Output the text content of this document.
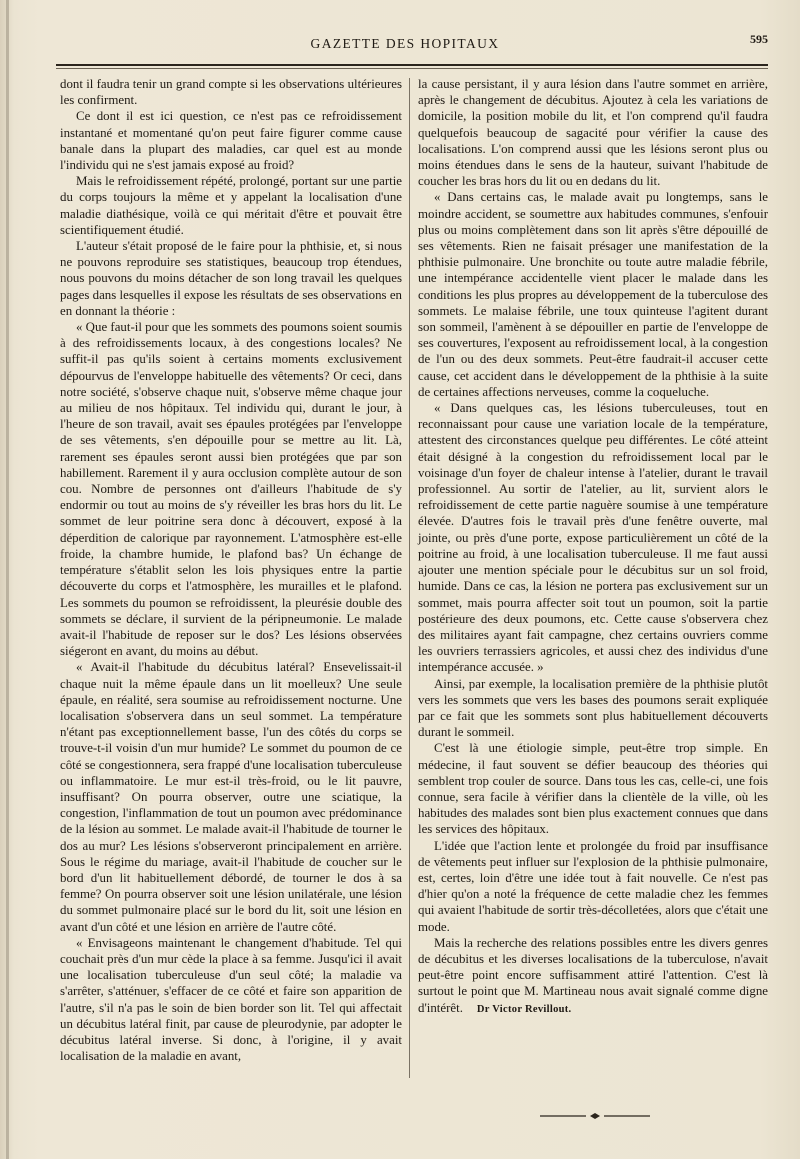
GAZETTE DES HOPITAUX	595

dont il faudra tenir un grand compte si les observations ultérieures les confirment.

Ce dont il est ici question, ce n'est pas ce refroidissement instantané et momentané qu'on peut faire figurer comme cause banale dans la plupart des maladies, car quel est au monde l'individu qui ne s'est jamais exposé au froid?

Mais le refroidissement répété, prolongé, portant sur une partie du corps toujours la même et y appelant la localisation d'une maladie diathésique, voilà ce qui méritait d'être et pouvait être scientifiquement étudié.

L'auteur s'était proposé de le faire pour la phthisie, et, si nous ne pouvons reproduire ses statistiques, beaucoup trop étendues, nous pouvons du moins détacher de son long travail les quelques pages dans lesquelles il expose les résultats de ses observations en en donnant la théorie :

« Que faut-il pour que les sommets des poumons soient soumis à des refroidissements locaux, à des congestions locales? Ne suffit-il pas qu'ils soient à certains moments exclusivement dépourvus de l'enveloppe habituelle des vêtements? Or ceci, dans notre société, s'observe chaque nuit, s'observe même chaque jour au milieu de nos hôpitaux. Tel individu qui, durant le jour, à l'heure de son travail, avait ses épaules protégées par l'enveloppe de ses vêtements, s'en dépouille pour se mettre au lit. Là, rarement ses épaules seront aussi bien protégées que par son habillement. Rarement il y aura occlusion complète autour de son cou. Nombre de personnes ont d'ailleurs l'habitude de s'y endormir ou tout au moins de s'y réveiller les bras hors du lit. Le sommet de leur poitrine sera donc à découvert, exposé à la déperdition de calorique par rayonnement. L'atmosphère est-elle froide, la chambre humide, le plafond bas? Un échange de température s'établit selon les lois physiques entre la partie découverte du corps et l'atmosphère, les murailles et le plafond. Les sommets du poumon se refroidissent, la pleurésie double des sommets se déclare, il survient de la péripneumonie. Le malade avait-il l'habitude de reposer sur le dos? Les lésions observées siégeront en avant, du moins au début.

« Avait-il l'habitude du décubitus latéral? Ensevelissait-il chaque nuit la même épaule dans un lit moelleux? Une seule épaule, en réalité, sera soumise au refroidissement nocturne. Une localisation s'observera dans un seul sommet. La température n'étant pas exceptionnellement basse, l'un des côtés du corps se trouve-t-il voisin d'un mur humide? Le sommet du poumon de ce côté se congestionnera, sera frappé d'une localisation tuberculeuse ou inflammatoire. Le mur est-il très-froid, ou le lit pauvre, insuffisant? On pourra observer, outre une sciatique, la congestion, l'inflammation de tout un poumon avec prédominance de la lésion au sommet. Le malade avait-il l'habitude de tourner le dos au mur? Les lésions s'observeront principalement en arrière. Sous le régime du mariage, avait-il l'habitude de coucher sur le bord d'un lit habituellement débordé, de tourner le dos à sa femme? On pourra observer soit une lésion unilatérale, une lésion du sommet pulmonaire placé sur le bord du lit, soit une lésion en avant d'un côté et une lésion en arrière de l'autre côté.

« Envisageons maintenant le changement d'habitude. Tel qui couchait près d'un mur cède la place à sa femme. Jusqu'ici il avait une localisation tuberculeuse d'un seul côté; la maladie va s'arrêter, s'atténuer, s'effacer de ce côté et faire son apparition de l'autre, s'il n'a pas le soin de bien border son lit. Tel qui affectait un décubitus latéral finit, par cause de pleurodynie, par adopter le décubitus latéral inverse. Si donc, à l'origine, il y avait localisation de la maladie en avant,

la cause persistant, il y aura lésion dans l'autre sommet en arrière, après le changement de décubitus. Ajoutez à cela les variations de domicile, la position mobile du lit, et l'on comprend qu'il faudra quelquefois beaucoup de sagacité pour vérifier la cause des localisations. L'on comprend aussi que les lésions seront plus ou moins étendues dans le sens de la hauteur, suivant l'habitude de coucher les bras hors du lit ou en dedans du lit.

« Dans certains cas, le malade avait pu longtemps, sans le moindre accident, se soumettre aux habitudes communes, s'enfouir plus ou moins complètement dans son lit après s'être dépouillé de ses vêtements. Rien ne faisait présager une manifestation de la phthisie pulmonaire. Une bronchite ou toute autre maladie fébrile, une intempérance accidentelle vient placer le malade dans les conditions les plus propres au développement de la tuberculose des sommets. Le malaise fébrile, une toux quinteuse l'agitent durant son sommeil, l'amènent à se dépouiller en partie de l'enveloppe de ses couvertures, l'exposent au refroidissement local, à la congestion de l'un ou des deux sommets. Peut-être faudrait-il accuser cette cause, cet accident dans le développement de la phthisie à la suite de certaines affections nerveuses, comme la coqueluche.

« Dans quelques cas, les lésions tuberculeuses, tout en reconnaissant pour cause une variation locale de la température, attestent des circonstances quelque peu différentes. Le côté atteint était désigné à la congestion du refroidissement local par le voisinage d'un foyer de chaleur intense à l'atelier, durant le travail professionnel. Au sortir de l'atelier, au lit, survient alors le refroidissement de cette partie naguère soumise à une température élevée. D'autres fois le travail près d'une fenêtre ouverte, mal jointe, ou près d'une porte, expose particulièrement un côté de la poitrine au froid, à une localisation tuberculeuse. Il me faut aussi ajouter une mention spéciale pour le décubitus sur un sol froid, humide. Dans ce cas, la lésion ne portera pas exclusivement sur un sommet, mais pourra affecter soit tout un poumon, soit la partie postérieure des deux poumons, etc. Cette cause s'observera chez des militaires ayant fait campagne, chez certains ouvriers comme les ouvriers terrassiers agricoles, et aussi chez des individus d'une intempérance accusée. »

Ainsi, par exemple, la localisation première de la phthisie plutôt vers les sommets que vers les bases des poumons serait expliquée par ce fait que les sommets sont plus habituellement découverts durant le sommeil.

C'est là une étiologie simple, peut-être trop simple. En médecine, il faut souvent se défier beaucoup des théories qui semblent trop couler de source. Dans tous les cas, celle-ci, une fois connue, sera facile à vérifier dans la clientèle de la ville, où les habitudes des malades sont bien plus exactement connues que dans les services des hôpitaux.

L'idée que l'action lente et prolongée du froid par insuffisance de vêtements peut influer sur l'explosion de la phthisie pulmonaire, est, certes, loin d'être une idée tout à fait nouvelle. Ce n'est pas d'hier qu'on a noté la fréquence de cette maladie chez les femmes qui avaient l'habitude de sortir très-décolletées, alors que c'était une mode.

Mais la recherche des relations possibles entre les divers genres de décubitus et les diverses localisations de la tuberculose, n'avait peut-être point encore suffisamment attiré l'attention. C'est là surtout le point que M. Martineau nous avait signalé comme digne d'intérêt. Dr Victor Revillout.
